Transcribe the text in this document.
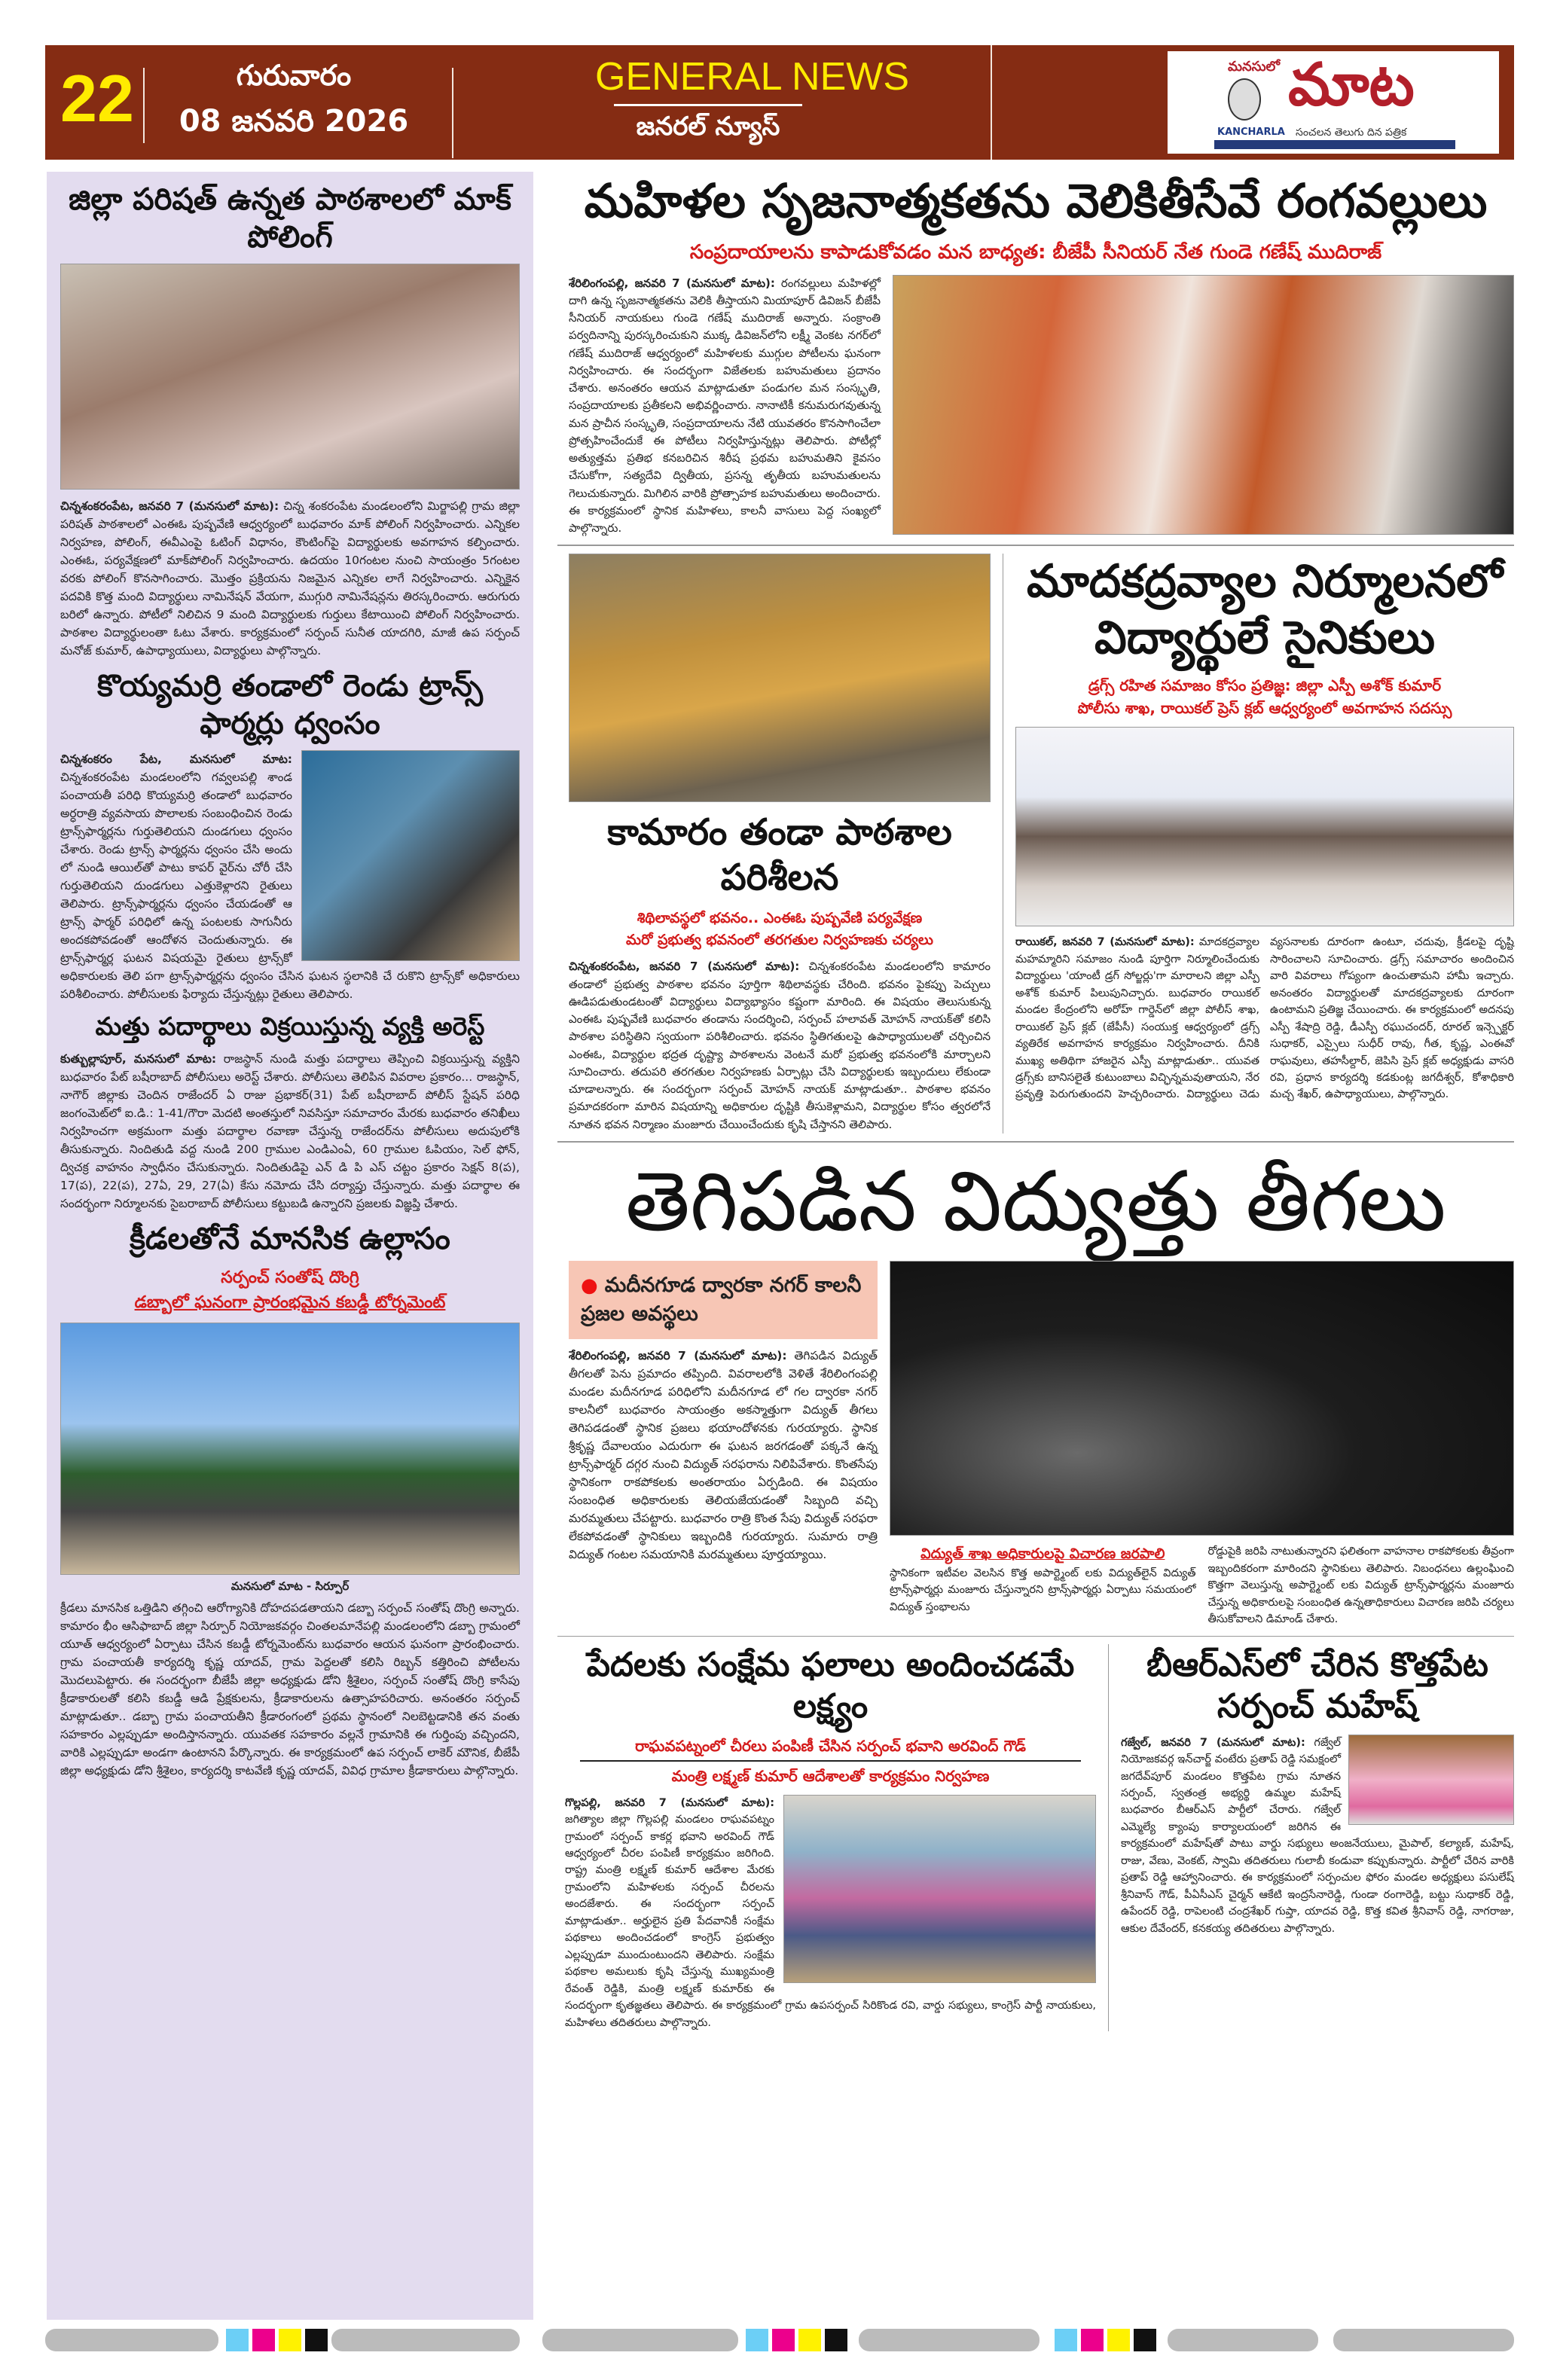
22	గురువారం
08 జనవరి 2026
GENERAL NEWS
జనరల్ న్యూస్
మనసులో మాట
KANCHARLA సంచలన తెలుగు దిన పత్రిక
జిల్లా పరిషత్ ఉన్నత పాఠశాలలో మాక్ పోలింగ్
చిన్నశంకరంపేట, జనవరి 7 (మనసులో మాట): చిన్న శంకరంపేట మండలంలోని మిర్జాపల్లి గ్రామ జిల్లా పరిషత్ పాఠశాలలో ఎంఈఓ పుష్పవేణి ఆధ్వర్యంలో బుధవారం మాక్ పోలింగ్ నిర్వహించారు. ఎన్నికల నిర్వహణ, పోలింగ్, ఈవీఎంపై ఓటింగ్ విధానం, కౌంటింగ్‌పై విద్యార్థులకు అవగాహన కల్పించారు. ఎంఈఓ, పర్యవేక్షణలో మాక్‌పోలింగ్ నిర్వహించారు. ఉదయం 10గంటల నుంచి సాయంత్రం 5గంటల వరకు పోలింగ్ కొనసాగించారు. మొత్తం ప్రక్రియను నిజమైన ఎన్నికల లాగే నిర్వహించారు. ఎన్నికైన పదవికి కొత్త మంది విద్యార్థులు నామినేషన్ వేయగా, ముగ్గురి నామినేషన్లను తిరస్కరించారు. ఆరుగురు బరిలో ఉన్నారు. పోటీలో నిలిచిన 9 మంది విద్యార్థులకు గుర్తులు కేటాయించి పోలింగ్ నిర్వహించారు. పాఠశాల విద్యార్థులంతా ఓటు వేశారు. కార్యక్రమంలో సర్పంచ్ సునీత యాదగిరి, మాజీ ఉప సర్పంచ్ మనోజ్ కుమార్, ఉపాధ్యాయులు, విద్యార్థులు పాల్గొన్నారు.
కొయ్యమర్రి తండాలో రెండు ట్రాన్స్ ఫార్మర్లు ధ్వంసం
చిన్నశంకరం పేట, మనసులో మాట: చిన్నశంకరంపేట మండలంలోని గవ్వలపల్లి శాండ పంచాయతీ పరిధి కొయ్యమర్రి తండాలో బుధవారం అర్ధరాత్రి వ్యవసాయ పొలాలకు సంబంధించిన రెండు ట్రాన్స్‌ఫార్మర్లను గుర్తుతెలియని దుండగులు ధ్వంసం చేశారు. రెండు ట్రాన్స్ ఫార్మర్లను ధ్వంసం చేసి అందు లో నుండి ఆయిల్‌తో పాటు కాపర్ వైర్‌ను చోరీ చేసి గుర్తుతెలియని దుండగులు ఎత్తుకెళ్లారని రైతులు తెలిపారు. ట్రాన్స్‌ఫార్మర్లను ధ్వంసం చేయడంతో ఆ ట్రాన్స్ ఫార్మర్ పరిధిలో ఉన్న పంటలకు సాగునీరు అందకపోవడంతో ఆందోళన చెందుతున్నారు. ఈ ట్రాన్స్‌ఫార్మర్ల ఘటన విషయమై రైతులు ట్రాన్స్‌కో అధికారులకు తెలి పగా ట్రాన్స్‌ఫార్మర్లను ధ్వంసం చేసిన ఘటన స్థలానికి చే రుకొని ట్రాన్స్‌కో అధికారులు పరిశీలించారు. పోలీసులకు ఫిర్యాదు చేస్తున్నట్లు రైతులు తెలిపారు.
మత్తు పదార్థాలు విక్రయిస్తున్న వ్యక్తి అరెస్ట్
కుత్బుల్లాపూర్, మనసులో మాట: రాజస్థాన్ నుండి మత్తు పదార్థాలు తెప్పించి విక్రయిస్తున్న వ్యక్తిని బుధవారం పేట్ బషీరాబాద్ పోలీసులు అరెస్ట్ చేశారు. పోలీసులు తెలిపిన వివరాల ప్రకారం... రాజస్థాన్, నాగౌర్ జిల్లాకు చెందిన రాజేందర్ ఏ రాజు ప్రభాకర్(31) పేట్ బషీరాబాద్ పోలీస్ స్టేషన్ పరిధి జంగంమెట్‌లో ఐ.డి.: 1-41/గౌరా మెదటి అంతస్తులో నివసిస్తూ సమాచారం మేరకు బుధవారం తనిఖీలు నిర్వహించగా అక్రమంగా మత్తు పదార్థాల రవాణా చేస్తున్న రాజేందర్‌ను పోలీసులు అదుపులోకి తీసుకున్నారు. నిందితుడి వద్ద నుండి 200 గ్రాముల ఎండిఎంఏ, 60 గ్రాముల ఓపియం, సెల్ ఫోన్, ద్విచక్ర వాహనం స్వాధీనం చేసుకున్నారు. నిందితుడిపై ఎన్ డి పి ఎస్ చట్టం ప్రకారం సెక్షన్ 8(ప), 17(ప), 22(ప), 27ఏ, 29, 27(ఏ) కేసు నమోదు చేసి దర్యాప్తు చేస్తున్నారు. మత్తు పదార్థాల ఈ సందర్భంగా నిర్మూలనకు సైబరాబాద్ పోలీసులు కట్టుబడి ఉన్నారని ప్రజలకు విజ్ఞప్తి చేశారు.
క్రీడలతోనే మానసిక ఉల్లాసం
సర్పంచ్ సంతోష్ దొంగ్రి
డబ్బాలో ఘనంగా ప్రారంభమైన కబడ్డీ టోర్నమెంట్
మనసులో మాట - సిర్పూర్
క్రీడలు మానసిక ఒత్తిడిని తగ్గించి ఆరోగ్యానికి దోహదపడతాయని డబ్బా సర్పంచ్ సంతోష్ దొంగ్రి అన్నారు. కామారం భీం ఆసిఫాబాద్ జిల్లా సిర్పూర్ నియోజకవర్గం చింతలమానేపల్లి మండలంలోని డబ్బా గ్రామంలో యూత్ ఆధ్వర్యంలో ఏర్పాటు చేసిన కబడ్డీ టోర్నమెంట్‌ను బుధవారం ఆయన ఘనంగా ప్రారంభించారు. గ్రామ పంచాయతీ కార్యదర్శి కృష్ణ యాదవ్, గ్రామ పెద్దలతో కలిసి రిబ్బన్ కత్తిరించి పోటీలను మొదలుపెట్టారు. ఈ సందర్భంగా బీజేపీ జిల్లా అధ్యక్షుడు డోని శ్రీశైలం, సర్పంచ్ సంతోష్ దొంగ్రి కాసేపు క్రీడాకారులతో కలిసి కబడ్డీ ఆడి ప్రేక్షకులను, క్రీడాకారులను ఉత్సాహపరిచారు. అనంతరం సర్పంచ్ మాట్లాడుతూ.. డబ్బా గ్రామ పంచాయతీని క్రీడారంగంలో ప్రథమ స్థానంలో నిలబెట్టడానికి తన వంతు సహకారం ఎల్లప్పుడూ అందిస్తానన్నారు. యువతక సహకారం వల్లనే గ్రామానికి ఈ గుర్తింపు వచ్చిందని, వారికి ఎల్లప్పుడూ అండగా ఉంటానని పేర్కొన్నారు. ఈ కార్యక్రమంలో ఉప సర్పంచ్ లాకెర్ మౌనిక, బీజేపీ జిల్లా అధ్యక్షుడు డోని శ్రీశైలం, కార్యదర్శి కాటవేణి కృష్ణ యాదవ్, వివిధ గ్రామాల క్రీడాకారులు పాల్గొన్నారు.
మహిళల సృజనాత్మకతను వెలికితీసేవే రంగవల్లులు
సంప్రదాయాలను కాపాడుకోవడం మన బాధ్యత: బీజేపీ సీనియర్ నేత గుండె గణేష్ ముదిరాజ్
శేరిలింగంపల్లి, జనవరి 7 (మనసులో మాట): రంగవల్లులు మహిళల్లో దాగి ఉన్న సృజనాత్మకతను వెలికి తీస్తాయని మియాపూర్ డివిజన్ బీజేపీ సీనియర్ నాయకులు గుండె గణేష్ ముదిరాజ్ అన్నారు. సంక్రాంతి పర్వదినాన్ని పురస్కరించుకుని ముక్క డివిజన్‌లోని లక్ష్మీ వెంకట నగర్‌లో గణేష్ ముదిరాజ్ ఆధ్వర్యంలో మహిళలకు ముగ్గుల పోటీలను ఘనంగా నిర్వహించారు. ఈ సందర్భంగా విజేతలకు బహుమతులు ప్రదానం చేశారు. అనంతరం ఆయన మాట్లాడుతూ పండుగల మన సంస్కృతి, సంప్రదాయాలకు ప్రతీకలని అభివర్ణించారు. నానాటికీ కనుమరుగవుతున్న మన ప్రాచీన సంస్కృతి, సంప్రదాయాలను నేటి యువతరం కొనసాగించేలా ప్రోత్సహించేందుకే ఈ పోటీలు నిర్వహిస్తున్నట్లు తెలిపారు. పోటీల్లో అత్యుత్తమ ప్రతిభ కనబరిచిన శిరీష ప్రథమ బహుమతిని కైవసం చేసుకోగా, సత్యదేవి ద్వితీయ, ప్రసన్న తృతీయ బహుమతులను గెలుచుకున్నారు. మిగిలిన వారికి ప్రోత్సాహక బహుమతులు అందించారు. ఈ కార్యక్రమంలో స్థానిక మహిళలు, కాలనీ వాసులు పెద్ద సంఖ్యలో పాల్గొన్నారు.
కామారం తండా పాఠశాల పరిశీలన
శిథిలావస్థలో భవనం.. ఎంఈఓ పుష్పవేణి పర్యవేక్షణ
మరో ప్రభుత్వ భవనంలో తరగతుల నిర్వహణకు చర్యలు
చిన్నశంకరంపేట, జనవరి 7 (మనసులో మాట): చిన్నశంకరంపేట మండలంలోని కామారం తండాలో ప్రభుత్వ పాఠశాల భవనం పూర్తిగా శిథిలావస్థకు చేరింది. భవనం పైకప్పు పెచ్చులు ఊడిపడుతుండటంతో విద్యార్థులు విద్యాభ్యాసం కష్టంగా మారింది. ఈ విషయం తెలుసుకున్న ఎంఈఓ పుష్పవేణి బుధవారం తండాను సందర్శించి, సర్పంచ్ హలావత్ మోహన్ నాయక్‌తో కలిసి పాఠశాల పరిస్థితిని స్వయంగా పరిశీలించారు. భవనం స్థితిగతులపై ఉపాధ్యాయులతో చర్చించిన ఎంఈఓ, విద్యార్థుల భద్రత దృష్ట్యా పాఠశాలను వెంటనే మరో ప్రభుత్వ భవనంలోకి మార్చాలని సూచించారు. తదుపరి తరగతుల నిర్వహణకు ఏర్పాట్లు చేసి విద్యార్థులకు ఇబ్బందులు లేకుండా చూడాలన్నారు. ఈ సందర్భంగా సర్పంచ్ మోహన్ నాయక్ మాట్లాడుతూ.. పాఠశాల భవనం ప్రమాదకరంగా మారిన విషయాన్ని అధికారుల దృష్టికి తీసుకెళ్లామని, విద్యార్థుల కోసం త్వరలోనే నూతన భవన నిర్మాణం మంజూరు చేయించేందుకు కృషి చేస్తానని తెలిపారు.
మాదకద్రవ్యాల నిర్మూలనలో విద్యార్థులే సైనికులు
డ్రగ్స్ రహిత సమాజం కోసం ప్రతిజ్ఞ: జిల్లా ఎస్పీ అశోక్ కుమార్
పోలీసు శాఖ, రాయికల్ ప్రెస్ క్లబ్ ఆధ్వర్యంలో అవగాహన సదస్సు
రాయికల్, జనవరి 7 (మనసులో మాట): మాదకద్రవ్యాల మహమ్మారిని సమాజం నుండి పూర్తిగా నిర్మూలించేందుకు విద్యార్థులు 'యాంటీ డ్రగ్ సోల్జర్లు'గా మారాలని జిల్లా ఎస్పీ అశోక్ కుమార్ పిలుపునిచ్చారు. బుధవారం రాయికల్ మండల కేంద్రంలోని అరోహ్ గార్డెన్‌లో జిల్లా పోలీస్ శాఖ, రాయికల్ ప్రెస్ క్లబ్ (జేపీసీ) సంయుక్త ఆధ్వర్యంలో డ్రగ్స్ వ్యతిరేక అవగాహన కార్యక్రమం నిర్వహించారు. దీనికి ముఖ్య అతిథిగా హాజరైన ఎస్పీ మాట్లాడుతూ.. యువత డ్రగ్స్‌కు బానిసలైతే కుటుంబాలు విచ్ఛిన్నమవుతాయని, నేర ప్రవృత్తి పెరుగుతుందని హెచ్చరించారు. విద్యార్థులు చెడు వ్యసనాలకు దూరంగా ఉంటూ, చదువు, క్రీడలపై దృష్టి సారించాలని సూచించారు. డ్రగ్స్ సమాచారం అందించిన వారి వివరాలు గోప్యంగా ఉంచుతామని హామీ ఇచ్చారు. అనంతరం విద్యార్థులతో మాదకద్రవ్యాలకు దూరంగా ఉంటామని ప్రతిజ్ఞ చేయించారు. ఈ కార్యక్రమంలో అదనపు ఎస్పీ శేషాద్రి రెడ్డి, డీఎస్పీ రఘుచందర్, రూరల్ ఇన్స్పెక్టర్ సుధాకర్, ఎస్సైలు సుధీర్ రావు, గీత, కృష్ణ, ఎంఈవో రాఘవులు, తహసీల్దార్, జెపిసి ప్రెస్ క్లబ్ అధ్యక్షుడు వాసరి రవి, ప్రధాన కార్యదర్శి కడకుంట్ల జగదీశ్వర్, కోశాధికారి మచ్చ శేఖర్, ఉపాధ్యాయులు, పాల్గొన్నారు.
తెగిపడిన విద్యుత్తు తీగలు
● మదీనగూడ ద్వారకా నగర్ కాలనీ ప్రజల అవస్థలు
శేరిలింగంపల్లి, జనవరి 7 (మనసులో మాట): తెగిపడిన విద్యుత్ తీగలతో పెను ప్రమాదం తప్పింది. వివరాలలోకి వెళితే శేరిలింగంపల్లి మండల మదీనగూడ పరిధిలోని మదీనగూడ లో గల ద్వారకా నగర్ కాలనీలో బుధవారం సాయంత్రం అకస్మాత్తుగా విద్యుత్ తీగలు తెగిపడడంతో స్థానిక ప్రజలు భయాందోళనకు గురయ్యారు. స్థానిక శ్రీకృష్ణ దేవాలయం ఎదురుగా ఈ ఘటన జరగడంతో పక్కనే ఉన్న ట్రాన్స్‌ఫార్మర్ దగ్గర నుంచి విద్యుత్ సరఫరాను నిలిపివేశారు. కొంతసేపు స్థానికంగా రాకపోకలకు అంతరాయం ఏర్పడింది. ఈ విషయం సంబంధిత అధికారులకు తెలియజేయడంతో సిబ్బంది వచ్చి మరమ్మతులు చేపట్టారు. బుధవారం రాత్రి కొంత సేపు విద్యుత్ సరఫరా లేకపోవడంతో స్థానికులు ఇబ్బందికి గురయ్యారు. సుమారు రాత్రి విద్యుత్ గంటల సమయానికి మరమ్మతులు పూర్తయ్యాయి.	విద్యుత్ శాఖ అధికారులపై విచారణ జరపాలి
స్థానికంగా ఇటీవల వెలసిన కొత్త అపార్ట్మెంట్ లకు విద్యుత్‌లైన్ విద్యుత్ ట్రాన్స్‌ఫార్మర్లు మంజూరు చేస్తున్నారని ట్రాన్స్‌ఫార్మర్లు ఏర్పాటు సమయంలో విద్యుత్ స్తంభాలను
రోడ్డుపైకి జరిపి నాటుతున్నారని ఫలితంగా వాహనాల రాకపోకలకు తీవ్రంగా ఇబ్బందికరంగా మారిందని స్థానికులు తెలిపారు. నిబంధనలు ఉల్లంఘించి కొత్తగా వెలుస్తున్న అపార్ట్మెంట్ లకు విద్యుత్ ట్రాన్స్‌ఫార్మర్లను మంజూరు చేస్తున్న అధికారులపై సంబంధిత ఉన్నతాధికారులు విచారణ జరిపి చర్యలు తీసుకోవాలని డిమాండ్ చేశారు.
పేదలకు సంక్షేమ ఫలాలు అందించడమే లక్ష్యం
రాఘవపట్నంలో చీరలు పంపిణీ చేసిన సర్పంచ్ భవాని అరవింద్ గౌడ్
మంత్రి లక్ష్మణ్ కుమార్ ఆదేశాలతో కార్యక్రమం నిర్వహణ
గొల్లపల్లి, జనవరి 7 (మనసులో మాట): జగిత్యాల జిల్లా గొల్లపల్లి మండలం రాఘవపట్నం గ్రామంలో సర్పంచ్ కాకర్ల భవాని అరవింద్ గౌడ్ ఆధ్వర్యంలో చీరల పంపిణీ కార్యక్రమం జరిగింది. రాష్ట్ర మంత్రి లక్ష్మణ్ కుమార్ ఆదేశాల మేరకు గ్రామంలోని మహిళలకు సర్పంచ్ చీరలను అందజేశారు. ఈ సందర్భంగా సర్పంచ్ మాట్లాడుతూ.. అర్హులైన ప్రతి పేదవానికీ సంక్షేమ పథకాలు అందించడంలో కాంగ్రెస్ ప్రభుత్వం ఎల్లప్పుడూ ముందుంటుందని తెలిపారు. సంక్షేమ పథకాల అమలుకు కృషి చేస్తున్న ముఖ్యమంత్రి రేవంత్ రెడ్డికి, మంత్రి లక్ష్మణ్ కుమార్‌కు ఈ సందర్భంగా కృతజ్ఞతలు తెలిపారు. ఈ కార్యక్రమంలో గ్రామ ఉపసర్పంచ్ సిరికొండ రవి, వార్డు సభ్యులు, కాంగ్రెస్ పార్టీ నాయకులు, మహిళలు తదితరులు పాల్గొన్నారు.
బీఆర్ఎస్‌లో చేరిన కొత్తపేట సర్పంచ్ మహేష్
గజ్వేల్, జనవరి 7 (మనసులో మాట): గజ్వేల్ నియోజకవర్గ ఇన్‌చార్జ్ వంటేరు ప్రతాప్ రెడ్డి సమక్షంలో జగదేవ్‌పూర్ మండలం కొత్తపేట గ్రామ నూతన సర్పంచ్, స్వతంత్ర అభ్యర్థి ఉమ్మల మహేష్ బుధవారం బీఆర్ఎస్ పార్టీలో చేరారు. గజ్వేల్ ఎమ్మెల్యే క్యాంపు కార్యాలయంలో జరిగిన ఈ కార్యక్రమంలో మహేష్‌తో పాటు వార్డు సభ్యులు అంజనేయులు, మైపాల్, కల్యాణ్, మహేష్, రాజు, వేణు, వెంకట్, స్వామి తదితరులు గులాబీ కండువా కప్పుకున్నారు. పార్టీలో చేరిన వారికి ప్రతాప్ రెడ్డి ఆహ్వానించారు. ఈ కార్యక్రమంలో సర్పంచుల ఫోరం మండల అధ్యక్షులు పసులేష్ శ్రీనివాస్ గౌడ్, పీఏసీఎస్ చైర్మన్ ఆకేటి ఇంద్రసేనారెడ్డి, గుండా రంగారెడ్డి, బట్టు సుధాకర్ రెడ్డి, ఉపేందర్ రెడ్డి, రాపెలంటి చంద్రశేఖర్ గుప్తా, యాదవ రెడ్డి, కొత్త కవిత శ్రీనివాస్ రెడ్డి, నాగరాజు, ఆకుల దేవేందర్, కనకయ్య తదితరులు పాల్గొన్నారు.
